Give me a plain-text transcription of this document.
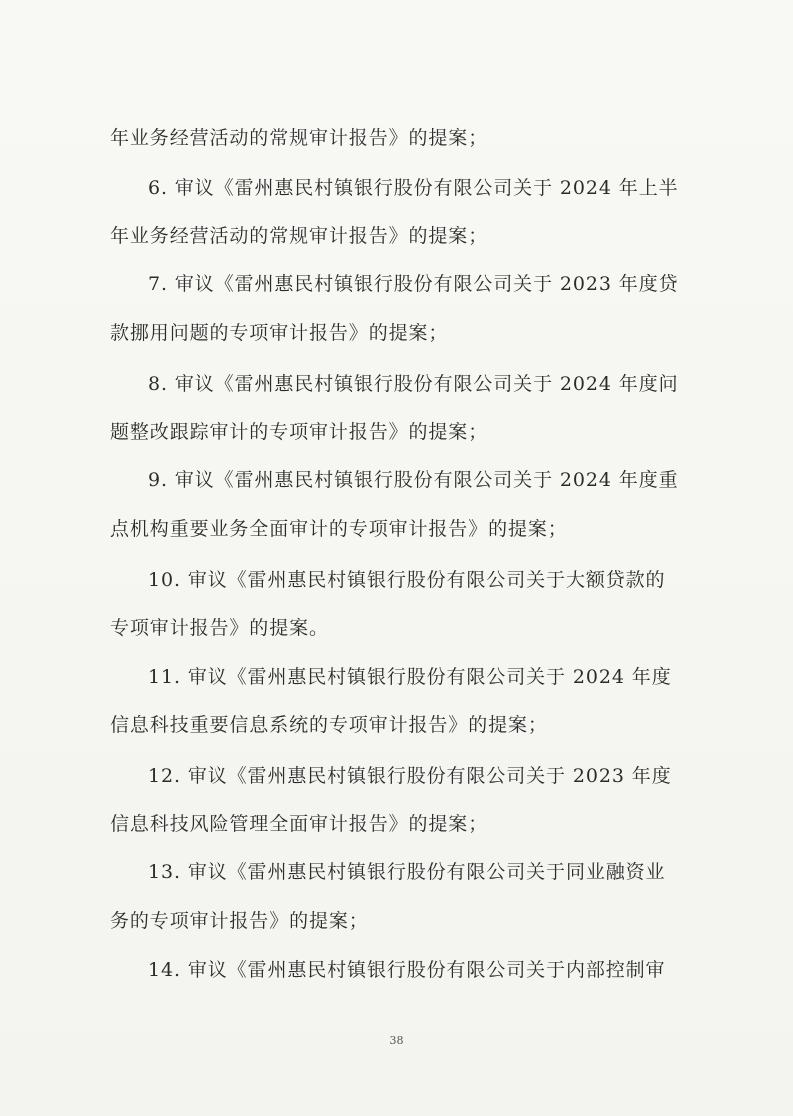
年业务经营活动的常规审计报告》的提案；
6. 审议《雷州惠民村镇银行股份有限公司关于 2024 年上半
年业务经营活动的常规审计报告》的提案；
7. 审议《雷州惠民村镇银行股份有限公司关于 2023 年度贷
款挪用问题的专项审计报告》的提案；
8. 审议《雷州惠民村镇银行股份有限公司关于 2024 年度问
题整改跟踪审计的专项审计报告》的提案；
9. 审议《雷州惠民村镇银行股份有限公司关于 2024 年度重
点机构重要业务全面审计的专项审计报告》的提案；
10. 审议《雷州惠民村镇银行股份有限公司关于大额贷款的
专项审计报告》的提案。
11. 审议《雷州惠民村镇银行股份有限公司关于 2024 年度
信息科技重要信息系统的专项审计报告》的提案；
12. 审议《雷州惠民村镇银行股份有限公司关于 2023 年度
信息科技风险管理全面审计报告》的提案；
13. 审议《雷州惠民村镇银行股份有限公司关于同业融资业
务的专项审计报告》的提案；
14. 审议《雷州惠民村镇银行股份有限公司关于内部控制审
38
